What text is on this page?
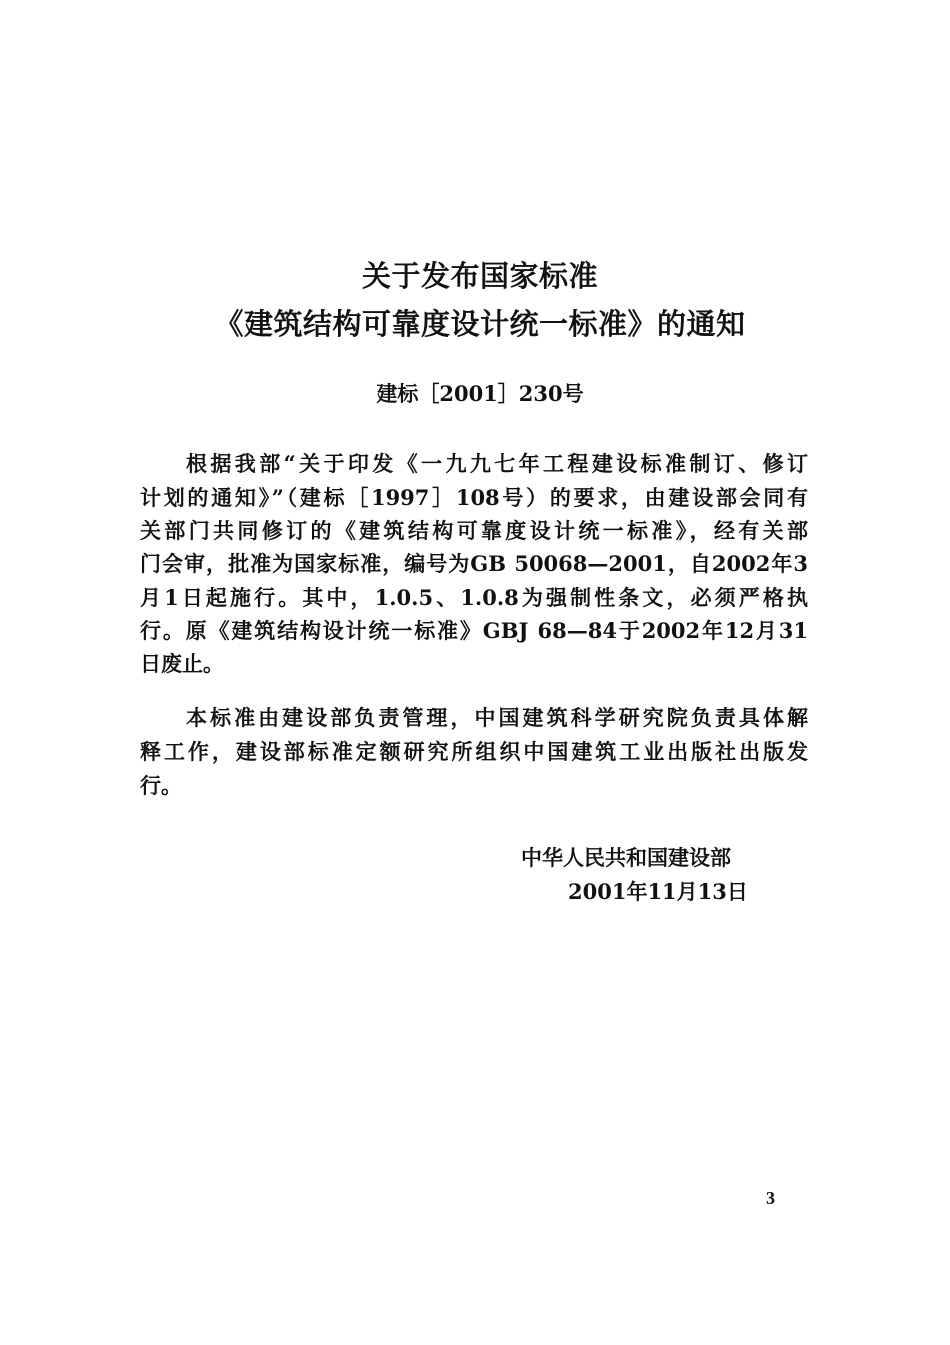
关于发布国家标准
《建筑结构可靠度设计统一标准》的通知
建标［2001］230号
根据我部“关于印发《一九九七年工程建设标准制订、修订
计划的通知》”（建标［1997］108号）的要求，由建设部会同有
关部门共同修订的《建筑结构可靠度设计统一标准》，经有关部
门会审，批准为国家标准，编号为GB 50068—2001，自2002年3
月1日起施行。其中，1.0.5、1.0.8为强制性条文，必须严格执
行。原《建筑结构设计统一标准》GBJ 68—84于2002年12月31
日废止。
本标准由建设部负责管理，中国建筑科学研究院负责具体解
释工作，建设部标准定额研究所组织中国建筑工业出版社出版发
行。
中华人民共和国建设部
2001年11月13日
3
